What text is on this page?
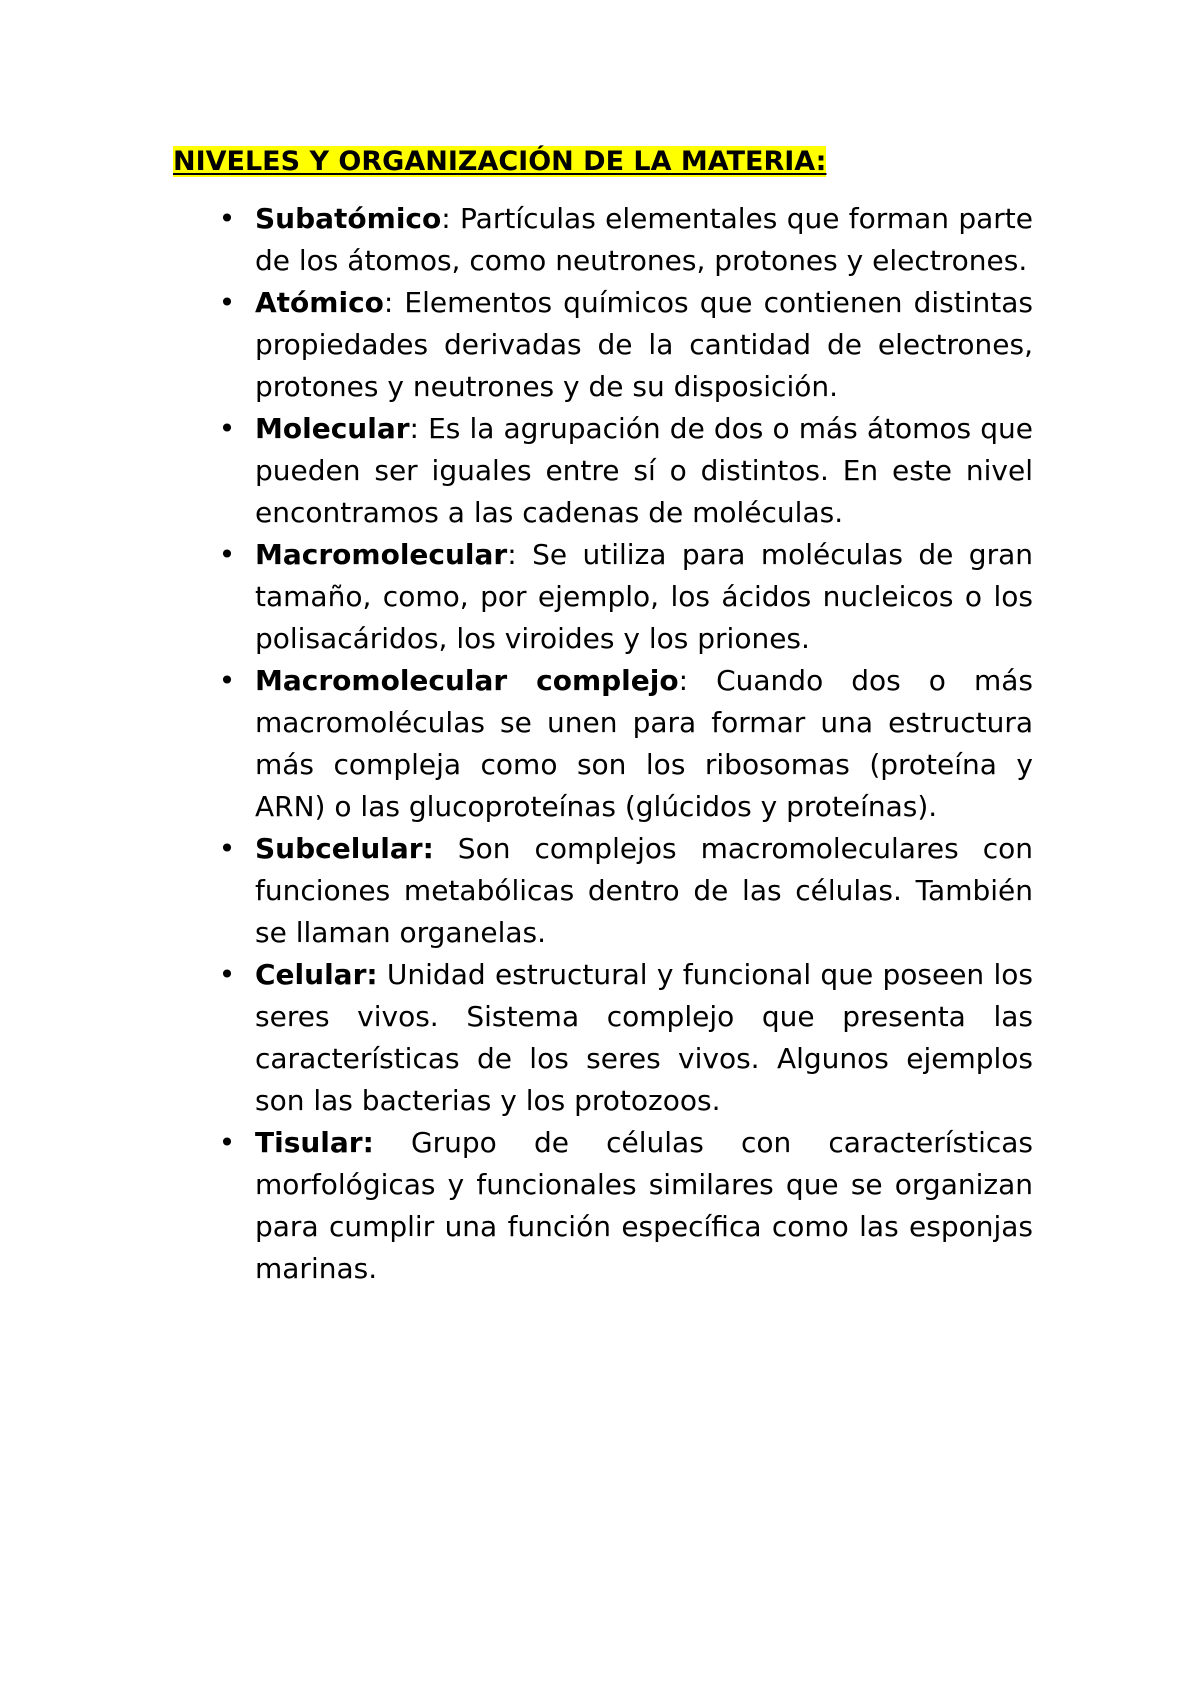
NIVELES Y ORGANIZACIÓN DE LA MATERIA:
• Subatómico: Partículas elementales que forman parte de los átomos, como neutrones, protones y electrones.
• Atómico: Elementos químicos que contienen distintas propiedades derivadas de la cantidad de electrones, protones y neutrones y de su disposición.
• Molecular: Es la agrupación de dos o más átomos que pueden ser iguales entre sí o distintos. En este nivel encontramos a las cadenas de moléculas.
• Macromolecular: Se utiliza para moléculas de gran tamaño, como, por ejemplo, los ácidos nucleicos o los polisacáridos, los viroides y los priones.
• Macromolecular complejo: Cuando dos o más macromoléculas se unen para formar una estructura más compleja como son los ribosomas (proteína y ARN) o las glucoproteínas (glúcidos y proteínas).
• Subcelular: Son complejos macromoleculares con funciones metabólicas dentro de las células. También se llaman organelas.
• Celular: Unidad estructural y funcional que poseen los seres vivos. Sistema complejo que presenta las características de los seres vivos. Algunos ejemplos son las bacterias y los protozoos.
• Tisular: Grupo de células con características morfológicas y funcionales similares que se organizan para cumplir una función específica como las esponjas marinas.
